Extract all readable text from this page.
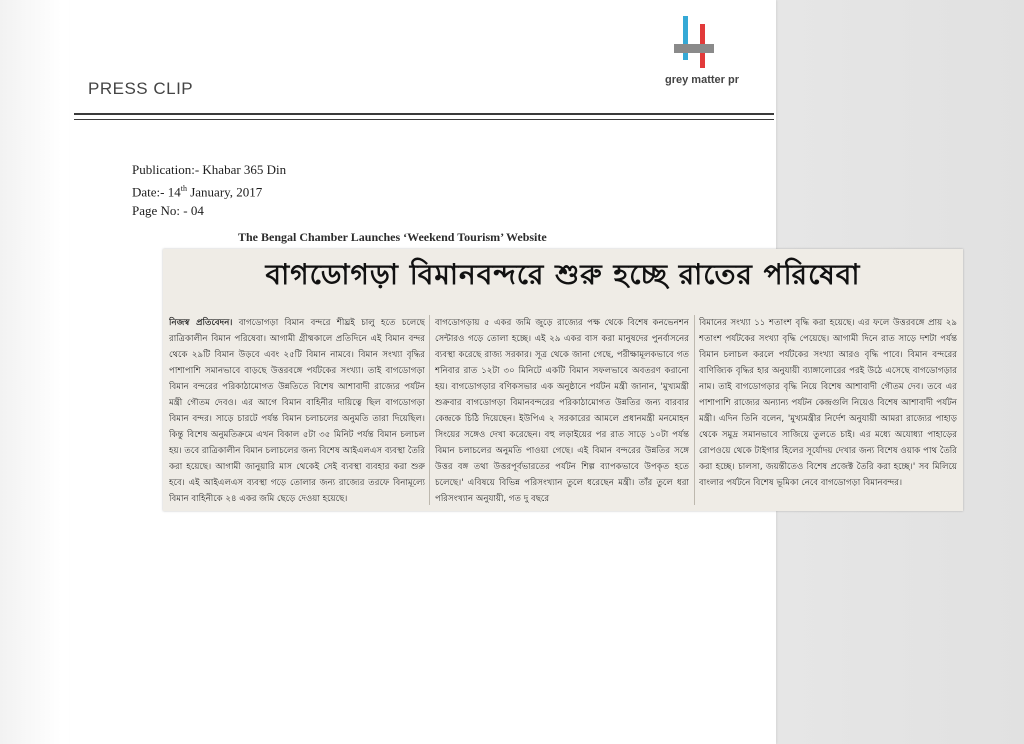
PRESS CLIP	grey matter pr
Publication:- Khabar 365 Din
Date:- 14th January, 2017
Page No: - 04
The Bengal Chamber Launches ‘Weekend Tourism’ Website
বাগডোগড়া বিমানবন্দরে শুরু হচ্ছে রাতের পরিষেবা
নিজস্ব প্রতিবেদন। বাগডোগড়া বিমান বন্দরে শীঘ্রই চালু হতে চলেছে রাত্রিকালীন বিমান পরিষেবা। আগামী গ্রীষ্মকালে প্রতিদিনে এই বিমান বন্দর থেকে ২৯টি বিমান উড়বে এবং ২৫টি বিমান নামবে। বিমান সংখ্যা বৃদ্ধির পাশাপাশি সমানভাবে বাড়ছে উত্তরবঙ্গে পর্যটকের সংখ্যা। তাই বাগডোগড়া বিমান বন্দরের পরিকাঠামোগত উন্নতিতে বিশেষ আশাবাদী রাজ্যের পর্যটন মন্ত্রী গৌতম দেবও। এর আগে বিমান বাহিনীর দায়িত্বে ছিল বাগডোগড়া বিমান বন্দর। সাড়ে চারটে পর্যন্ত বিমান চলাচলের অনুমতি তারা দিয়েছিল। কিন্তু বিশেষ অনুমতিক্রমে এখন বিকাল ৫টা ৩৫ মিনিট পর্যন্ত বিমান চলাচল হয়। তবে রাত্রিকালীন বিমান চলাচলের জন্য বিশেষ আইএলএস ব্যবস্থা তৈরি করা হয়েছে। আগামী জানুয়ারি মাস থেকেই সেই ব্যবস্থা ব্যবহার করা শুরু হবে। এই আইএলএস ব্যবস্থা গড়ে তোলার জন্য রাজ্যের তরফে বিনামূল্যে বিমান বাহিনীকে ২৪ একর জমি ছেড়ে দেওয়া হয়েছে।
বাগডোগড়ায় ৫ একর জমি জুড়ে রাজ্যের পক্ষ থেকে বিশেষ কনভেনশন সেন্টারও গড়ে তোলা হচ্ছে। এই ২৯ একর বাস করা মানুষদের পুনর্বাসনের ব্যবস্থা করেছে রাজ্য সরকার। সূত্র থেকে জানা গেছে, পরীক্ষামূলকভাবে গত শনিবার রাত ১২টা ৩০ মিনিটে একটি বিমান সফলভাবে অবতরণ করানো হয়। বাগডোগড়ার বণিকসভার এক অনুষ্ঠানে পর্যটন মন্ত্রী জানান, 'মুখ্যমন্ত্রী শুক্রবার বাগডোগড়া বিমানবন্দরের পরিকাঠামোগত উন্নতির জন্য বারবার কেন্দ্রকে চিঠি দিয়েছেন। ইউপিএ ২ সরকারের আমলে প্রধানমন্ত্রী মনমোহন সিংয়ের সঙ্গেও দেখা করেছেন। বহু লড়াইয়ের পর রাত সাড়ে ১০টা পর্যন্ত বিমান চলাচলের অনুমতি পাওয়া গেছে। এই বিমান বন্দরের উন্নতির সঙ্গে উত্তর বঙ্গ তথা উত্তরপূর্বভারতের পর্যটন শিল্প ব্যাপকভাবে উপকৃত হতে চলেছে।' এবিষয়ে বিভিন্ন পরিসংখ্যান তুলে ধরেছেন মন্ত্রী। তাঁর তুলে ধরা পরিসংখ্যান অনুযায়ী, গত দু বছরে
বিমানের সংখ্যা ১১ শতাংশ বৃদ্ধি করা হয়েছে। এর ফলে উত্তরবঙ্গে প্রায় ২৯ শতাংশ পর্যটকের সংখ্যা বৃদ্ধি পেয়েছে। আগামী দিনে রাত সাড়ে দশটা পর্যন্ত বিমান চলাচল করলে পর্যটকের সংখ্যা আরও বৃদ্ধি পাবে। বিমান বন্দরের বাণিজ্যিক বৃদ্ধির হার অনুযায়ী ব্যাঙ্গালোরের পরই উঠে এসেছে বাগডোগড়ার নাম। তাই বাগডোগড়ার বৃদ্ধি নিয়ে বিশেষ আশাবাদী গৌতম দেব। তবে এর পাশাপাশি রাজ্যের অন্যান্য পর্যটন কেন্দ্রগুলি নিয়েও বিশেষ আশাবাদী পর্যটন মন্ত্রী। এদিন তিনি বলেন, 'মুখ্যমন্ত্রীর নির্দেশ অনুযায়ী আমরা রাজ্যের পাহাড় থেকে সমুদ্র সমানভাবে সাজিয়ে তুলতে চাই। এর মধ্যে অযোধ্যা পাহাড়ের রোপওয়ে থেকে টাইগার হিলের সূর্যোদয় দেখার জন্য বিশেষ ওয়াক পাথ তৈরি করা হচ্ছে। চালসা, জয়ন্তীতেও বিশেষ প্রজেক্ট তৈরি করা হচ্ছে।' সব মিলিয়ে বাংলার পর্যটনে বিশেষ ভূমিকা নেবে বাগডোগড়া বিমানবন্দর।
